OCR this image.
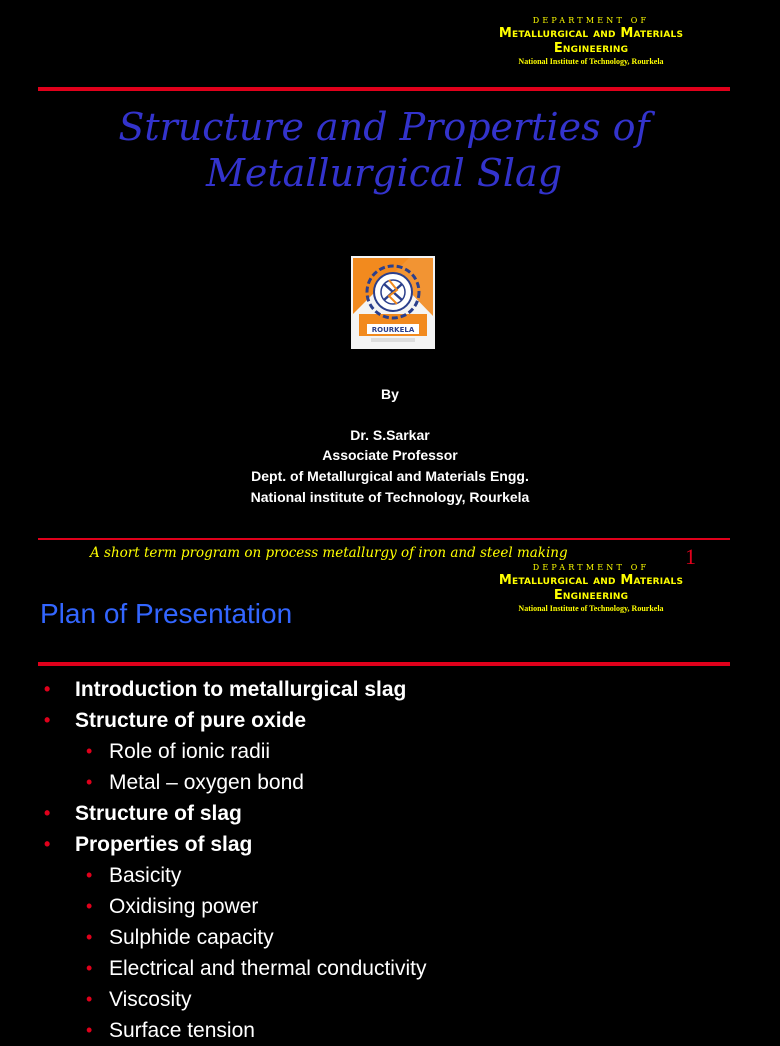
DEPARTMENT OF
Metallurgical and Materials
Engineering
National Institute of Technology, Rourkela
Structure and Properties of
Metallurgical Slag
ROURKELA
By
Dr. S.Sarkar
Associate Professor
Dept. of Metallurgical and Materials Engg.
National institute of Technology, Rourkela
A short term program on process metallurgy of iron and steel making	1
Plan of Presentation
DEPARTMENT OF
Metallurgical and Materials
Engineering
National Institute of Technology, Rourkela
• Introduction to metallurgical slag
• Structure of pure oxide
• Role of ionic radii
• Metal – oxygen bond
• Structure of slag
• Properties of slag
• Basicity
• Oxidising power
• Sulphide capacity
• Electrical and thermal conductivity
• Viscosity
• Surface tension
